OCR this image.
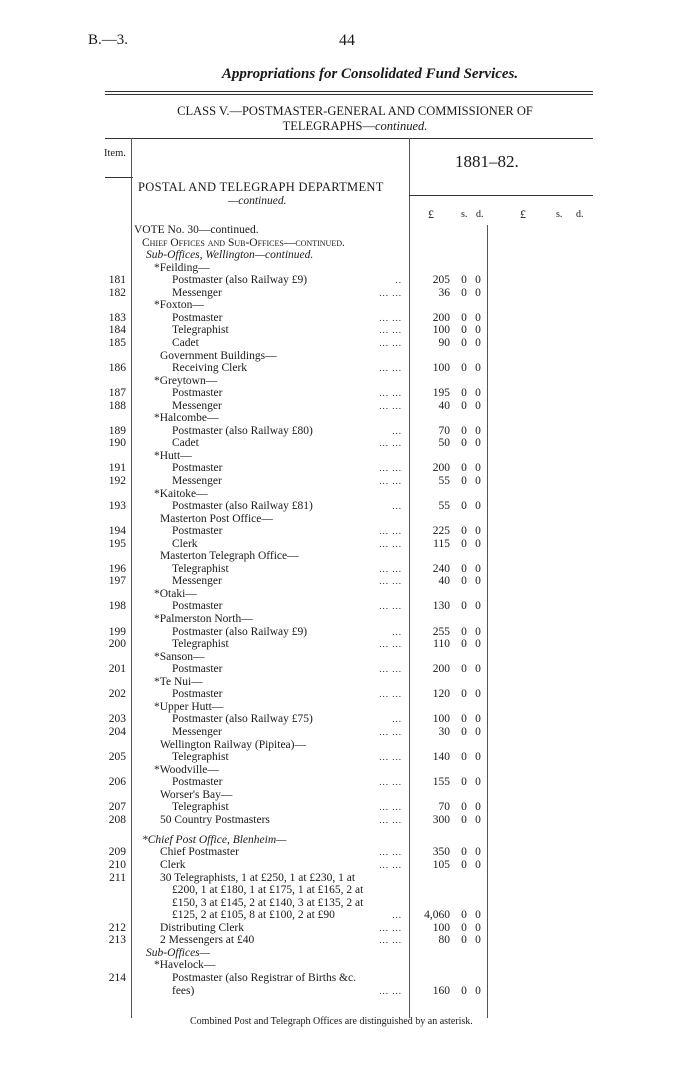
B.—3.	44
Appropriations for Consolidated Fund Services.
CLASS V.—POSTMASTER-GENERAL AND COMMISSIONER OF
TELEGRAPHS—continued.
Item.	1881–82.
POSTAL AND TELEGRAPH DEPARTMENT
—continued.
£	s. d.	£	s. d.
VOTE No. 30—continued.
Chief Offices and Sub-Offices—continued.
Sub-Offices, Wellington—continued.
*Feilding—
181	Postmaster (also Railway £9)	..	205 0 0
182	Messenger	... ...	36 0 0
*Foxton—
183	Postmaster	... ...	200 0 0
184	Telegraphist	... ...	100 0 0
185	Cadet	... ...	90 0 0
Government Buildings—
186	Receiving Clerk	... ...	100 0 0
*Greytown—
187	Postmaster	... ...	195 0 0
188	Messenger	... ...	40 0 0
*Halcombe—
189	Postmaster (also Railway £80)	...	70 0 0
190	Cadet	... ...	50 0 0
*Hutt—
191	Postmaster	... ...	200 0 0
192	Messenger	... ...	55 0 0
*Kaitoke—
193	Postmaster (also Railway £81)	...	55 0 0
Masterton Post Office—
194	Postmaster	... ...	225 0 0
195	Clerk	... ...	115 0 0
Masterton Telegraph Office—
196	Telegraphist	... ...	240 0 0
197	Messenger	... ...	40 0 0
*Otaki—
198	Postmaster	... ...	130 0 0
*Palmerston North—
199	Postmaster (also Railway £9)	...	255 0 0
200	Telegraphist	... ...	110 0 0
*Sanson—
201	Postmaster	... ...	200 0 0
*Te Nui—
202	Postmaster	... ...	120 0 0
*Upper Hutt—
203	Postmaster (also Railway £75)	...	100 0 0
204	Messenger	... ...	30 0 0
Wellington Railway (Pipitea)—
205	Telegraphist	... ...	140 0 0
*Woodville—
206	Postmaster	... ...	155 0 0
Worser's Bay—
207	Telegraphist	... ...	70 0 0
208	50 Country Postmasters	... ...	300 0 0
*Chief Post Office, Blenheim—
209	Chief Postmaster	... ...	350 0 0
210	Clerk	... ...	105 0 0
211	30 Telegraphists, 1 at £250, 1 at £230, 1 at
£200, 1 at £180, 1 at £175, 1 at £165, 2 at
£150, 3 at £145, 2 at £140, 3 at £135, 2 at
£125, 2 at £105, 8 at £100, 2 at £90	...	4,060 0 0
212	Distributing Clerk	... ...	100 0 0
213	2 Messengers at £40	... ...	80 0 0
Sub-Offices—
*Havelock—
214	Postmaster (also Registrar of Births &c.
fees)	... ...	160 0 0
Combined Post and Telegraph Offices are distinguished by an asterisk.
